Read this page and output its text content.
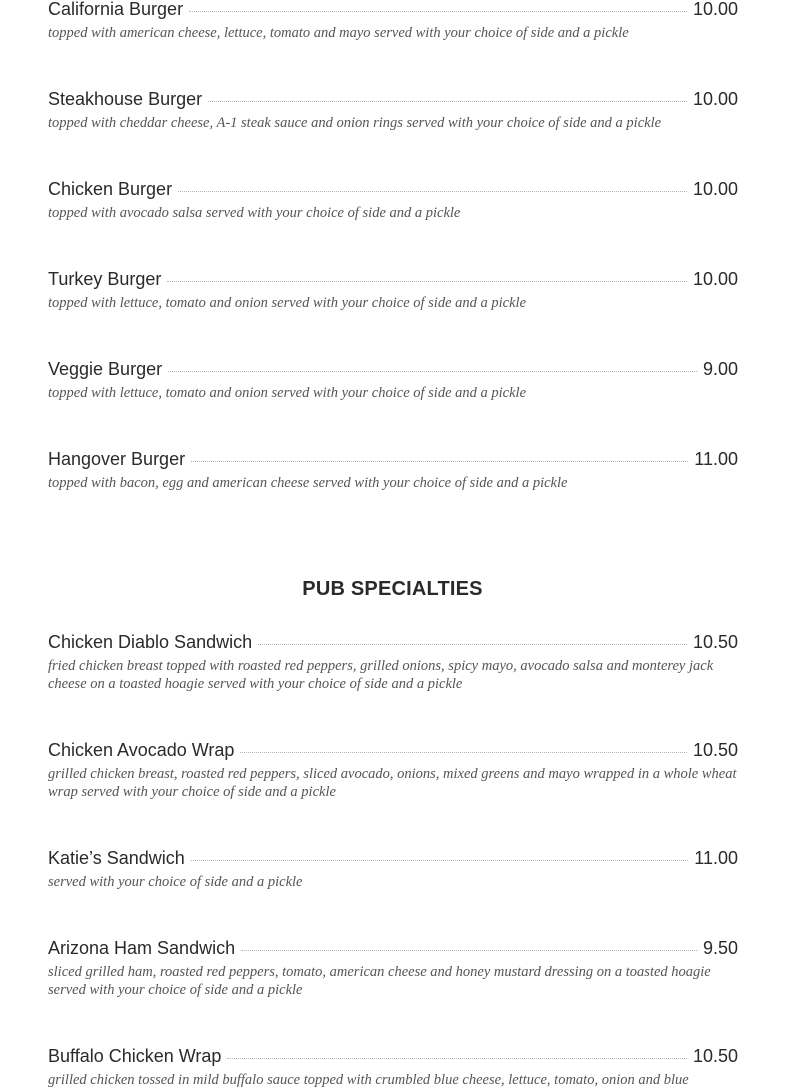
California Burger	10.00
topped with american cheese, lettuce, tomato and mayo served with your choice of side and a pickle
Steakhouse Burger	10.00
topped with cheddar cheese, A-1 steak sauce and onion rings served with your choice of side and a pickle
Chicken Burger	10.00
topped with avocado salsa served with your choice of side and a pickle
Turkey Burger	10.00
topped with lettuce, tomato and onion served with your choice of side and a pickle
Veggie Burger	9.00
topped with lettuce, tomato and onion served with your choice of side and a pickle
Hangover Burger	11.00
topped with bacon, egg and american cheese served with your choice of side and a pickle
PUB SPECIALTIES
Chicken Diablo Sandwich	10.50
fried chicken breast topped with roasted red peppers, grilled onions, spicy mayo, avocado salsa and monterey jack cheese on a toasted hoagie served with your choice of side and a pickle
Chicken Avocado Wrap	10.50
grilled chicken breast, roasted red peppers, sliced avocado, onions, mixed greens and mayo wrapped in a whole wheat wrap served with your choice of side and a pickle
Katie’s Sandwich	11.00
served with your choice of side and a pickle
Arizona Ham Sandwich	9.50
sliced grilled ham, roasted red peppers, tomato, american cheese and honey mustard dressing on a toasted hoagie served with your choice of side and a pickle
Buffalo Chicken Wrap	10.50
grilled chicken tossed in mild buffalo sauce topped with crumbled blue cheese, lettuce, tomato, onion and blue
